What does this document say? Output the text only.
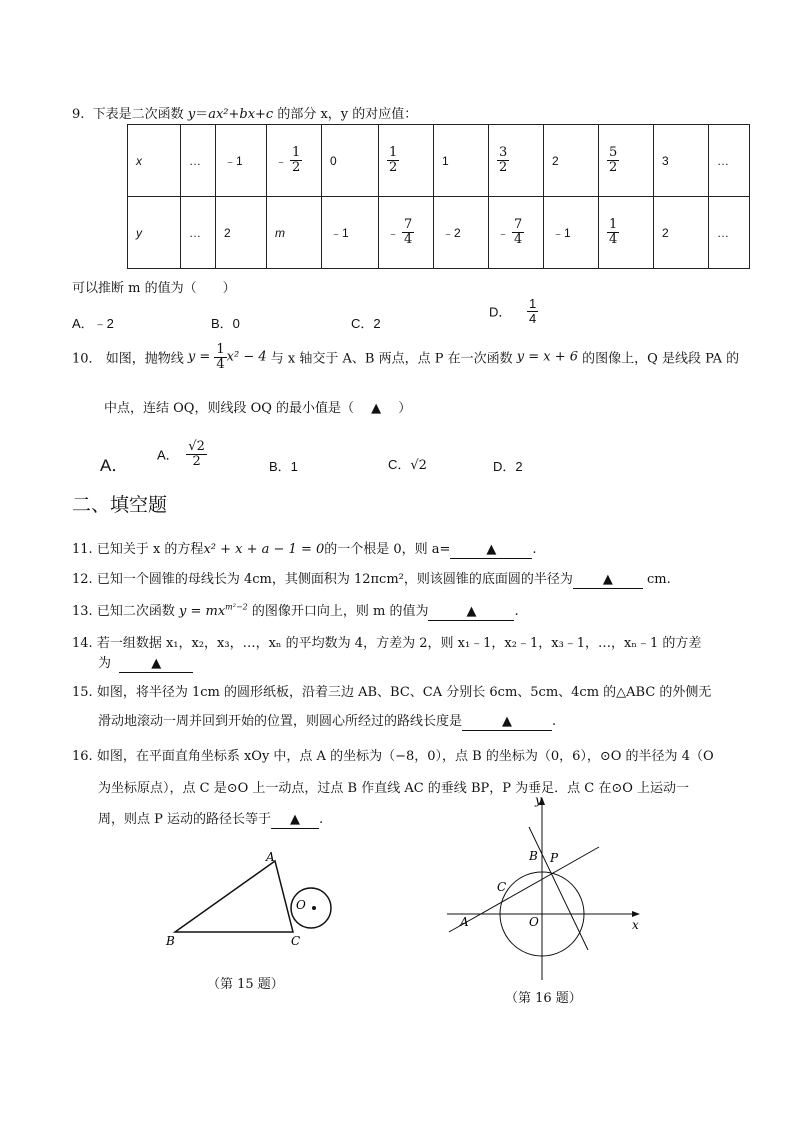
9. 下表是二次函数 y＝ax²+bx+c 的部分 x，y 的对应值：
x	…	﹣1	﹣ $\frac{1}{2}$	0	$\frac{1}{2}$	1	$\frac{3}{2}$	2	$\frac{5}{2}$	3	…
y	…	2	m	﹣1	﹣ $\frac{7}{4}$	﹣2	﹣ $\frac{7}{4}$	﹣1	$\frac{1}{4}$	2	…
可以推断 m 的值为（　　）
A．﹣2	B．0	C．2
D． $\frac{1}{4}$
10． 如图，抛物线 $y = \frac{1}{4} x^2 - 4$ 与 x 轴交于 A、B 两点，点 P 在一次函数 y = x + 6 的图像上，Q 是线段 PA 的
中点，连结 OQ，则线段 OQ 的最小值是（　 ▲　 ）
A．
A． $\frac{√2}{2}$	B．1	C．√2	D．2
二、填空题
11. 已知关于 x 的方程x² + x + a − 1 = 0的一个根是 0，则 a=	▲	.
12. 已知一个圆锥的母线长为 4cm，其侧面积为 12πcm²，则该圆锥的底面圆的半径为 ▲	cm.
13. 已知二次函数 $y = mx^{m^2-2}$ 的图像开口向上，则 m 的值为	▲	.
14. 若一组数据 x₁，x₂，x₃，…，xₙ 的平均数为 4，方差为 2，则 x₁﹣1，x₂﹣1，x₃﹣1，…，xₙ﹣1 的方差
为	▲
15. 如图，将半径为 1cm 的圆形纸板，沿着三边 AB、BC、CA 分别长 6cm、5cm、4cm 的△ABC 的外侧无
滑动地滚动一周并回到开始的位置，则圆心所经过的路线长度是	▲	.
16. 如图，在平面直角坐标系 xOy 中，点 A 的坐标为（−8，0），点 B 的坐标为（0，6），⊙O 的半径为 4（O
为坐标原点），点 C 是⊙O 上一动点，过点 B 作直线 AC 的垂线 BP，P 为垂足．点 C 在⊙O 上运动一
周，则点 P 运动的路径长等于 ▲ .
A
B	C
O
（第 15 题）
y
x
B P
C
O
A
（第 16 题）
